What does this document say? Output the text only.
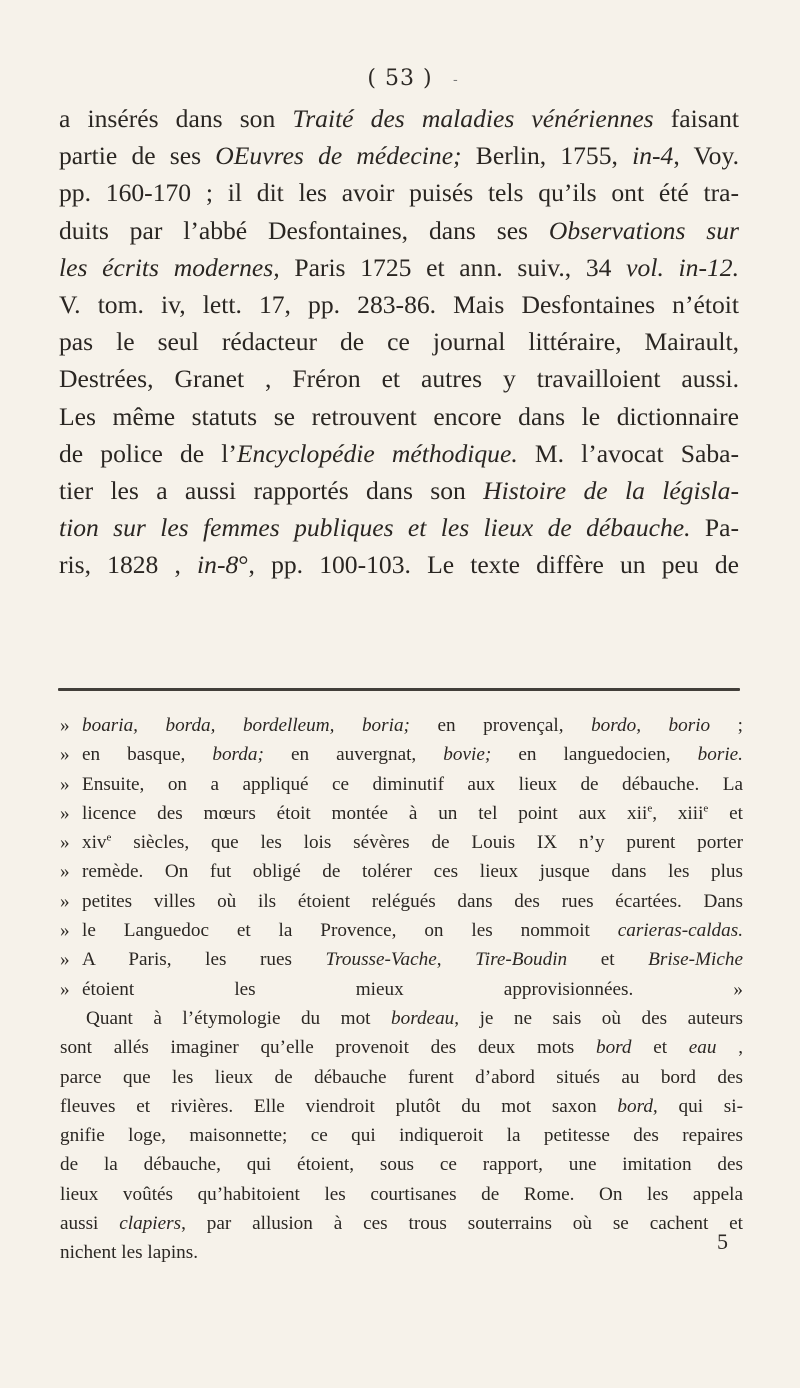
( 53 ) -
a insérés dans son Traité des maladies vénériennes faisant
partie de ses OEuvres de médecine; Berlin, 1755, in-4, Voy.
pp. 160-170 ; il dit les avoir puisés tels qu’ils ont été tra-
duits par l’abbé Desfontaines, dans ses Observations sur
les écrits modernes, Paris 1725 et ann. suiv., 34 vol. in-12.
V. tom. iv, lett. 17, pp. 283-86. Mais Desfontaines n’étoit
pas le seul rédacteur de ce journal littéraire, Mairault,
Destrées, Granet , Fréron et autres y travailloient aussi.
Les même statuts se retrouvent encore dans le dictionnaire
de police de l’Encyclopédie méthodique. M. l’avocat Saba-
tier les a aussi rapportés dans son Histoire de la législa-
tion sur les femmes publiques et les lieux de débauche. Pa-
ris, 1828 , in-8°, pp. 100-103. Le texte diffère un peu de
» boaria, borda, bordelleum, boria; en provençal, bordo, borio ;
» en basque, borda; en auvergnat, bovie; en languedocien, borie.
» Ensuite, on a appliqué ce diminutif aux lieux de débauche. La
» licence des mœurs étoit montée à un tel point aux xii$^e$, xiii$^e$ et
» xiv$^e$ siècles, que les lois sévères de Louis IX n’y purent porter
» remède. On fut obligé de tolérer ces lieux jusque dans les plus
» petites villes où ils étoient relégués dans des rues écartées. Dans
» le Languedoc et la Provence, on les nommoit carieras-caldas.
» A Paris, les rues Trousse-Vache, Tire-Boudin et Brise-Miche
» étoient les mieux approvisionnées. »
Quant à l’étymologie du mot bordeau, je ne sais où des auteurs
sont allés imaginer qu’elle provenoit des deux mots bord et eau ,
parce que les lieux de débauche furent d’abord situés au bord des
fleuves et rivières. Elle viendroit plutôt du mot saxon bord, qui si-
gnifie loge, maisonnette; ce qui indiqueroit la petitesse des repaires
de la débauche, qui étoient, sous ce rapport, une imitation des
lieux voûtés qu’habitoient les courtisanes de Rome. On les appela
aussi clapiers, par allusion à ces trous souterrains où se cachent et
nichent les lapins.	5
